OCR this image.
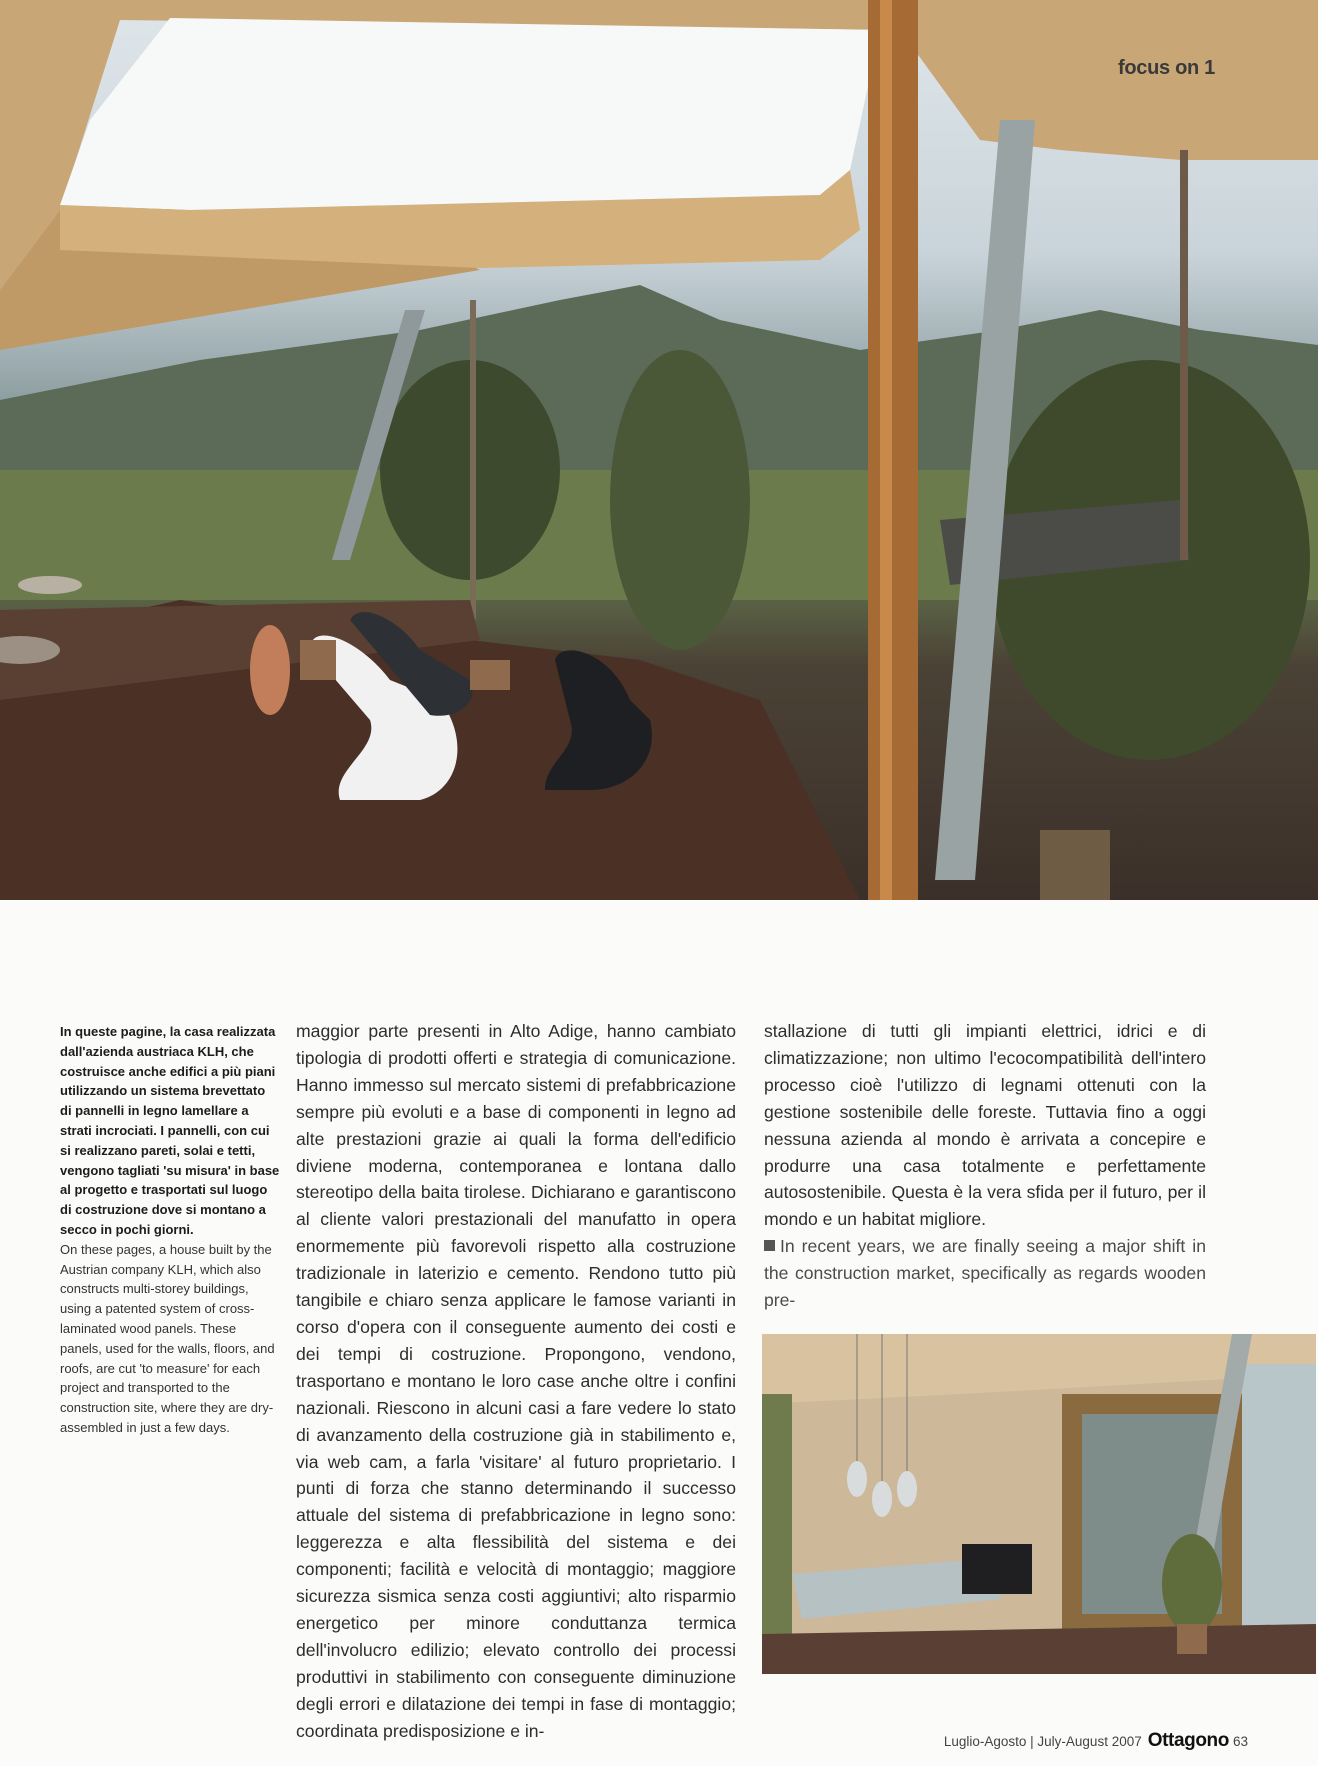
focus on 1
In queste pagine, la casa realizzata dall'azienda austriaca KLH, che costruisce anche edifici a più piani utilizzando un sistema brevettato di pannelli in legno lamellare a strati incrociati. I pannelli, con cui si realizzano pareti, solai e tetti, vengono tagliati 'su misura' in base al progetto e trasportati sul luogo di costruzione dove si montano a secco in pochi giorni.
On these pages, a house built by the Austrian company KLH, which also constructs multi-storey buildings, using a patented system of cross-laminated wood panels. These panels, used for the walls, floors, and roofs, are cut 'to measure' for each project and transported to the construction site, where they are dry-assembled in just a few days.
maggior parte presenti in Alto Adige, hanno cambiato tipologia di prodotti offerti e strategia di comunicazione. Hanno immesso sul mercato sistemi di prefabbricazione sempre più evoluti e a base di componenti in legno ad alte prestazioni grazie ai quali la forma dell'edificio diviene moderna, contemporanea e lontana dallo stereotipo della baita tirolese. Dichiarano e garantiscono al cliente valori prestazionali del manufatto in opera enormemente più favorevoli rispetto alla costruzione tradizionale in laterizio e cemento. Rendono tutto più tangibile e chiaro senza applicare le famose varianti in corso d'opera con il conseguente aumento dei costi e dei tempi di costruzione. Propongono, vendono, trasportano e montano le loro case anche oltre i confini nazionali. Riescono in alcuni casi a fare vedere lo stato di avanzamento della costruzione già in stabilimento e, via web cam, a farla 'visitare' al futuro proprietario. I punti di forza che stanno determinando il successo attuale del sistema di prefabbricazione in legno sono: leggerezza e alta flessibilità del sistema e dei componenti; facilità e velocità di montaggio; maggiore sicurezza sismica senza costi aggiuntivi; alto risparmio energetico per minore conduttanza termica dell'involucro edilizio; elevato controllo dei processi produttivi in stabilimento con conseguente diminuzione degli errori e dilatazione dei tempi in fase di montaggio; coordinata predisposizione e in-
stallazione di tutti gli impianti elettrici, idrici e di climatizzazione; non ultimo l'ecocompatibilità dell'intero processo cioè l'utilizzo di legnami ottenuti con la gestione sostenibile delle foreste. Tuttavia fino a oggi nessuna azienda al mondo è arrivata a concepire e produrre una casa totalmente e perfettamente autosostenibile. Questa è la vera sfida per il futuro, per il mondo e un habitat migliore.
In recent years, we are finally seeing a major shift in the construction market, specifically as regards wooden pre-
Luglio-Agosto | July-August 2007 Ottagono 63
